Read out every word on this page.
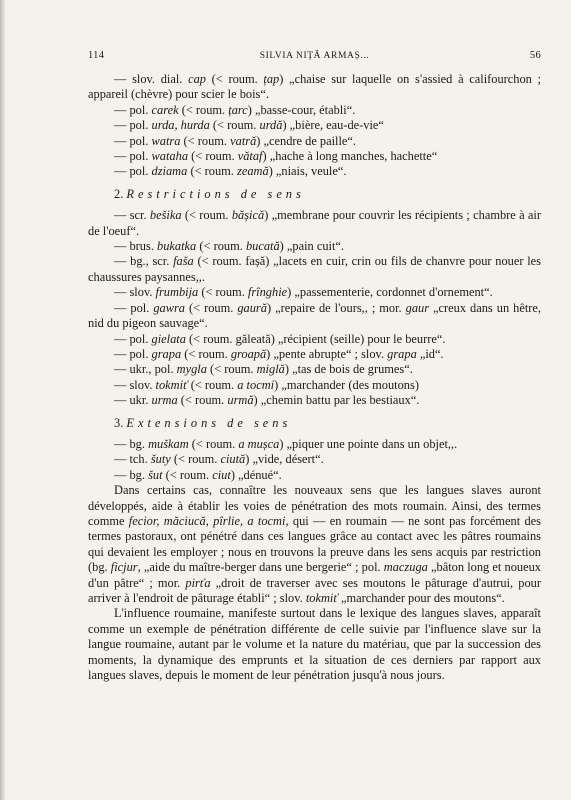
114	SILVIA NIȚĂ ARMAȘ...	56

— slov. dial. cap (< roum. țap) „chaise sur laquelle on s'assied à califourchon ; appareil (chèvre) pour scier le bois“.

— pol. carek (< roum. țarc) „basse-cour, établi“.

— pol. urda, hurda (< roum. urdă) „bière, eau-de-vie“

— pol. watra (< roum. vatră) „cendre de paille“.

— pol. wataha (< roum. vătaf) „hache à long manches, hachette“

— pol. dziama (< roum. zeamă) „niais, veule“.

2. Restrictions de sens

— scr. bešika (< roum. bășică) „membrane pour couvrir les récipients ; chambre à air de l'oeuf“.

— brus. bukatka (< roum. bucată) „pain cuit“.

— bg., scr. faša (< roum. fașă) „lacets en cuir, crin ou fils de chanvre pour nouer les chaussures paysannes,,.

— slov. frumbija (< roum. frînghie) „passementerie, cordonnet d'ornement“.

— pol. gawra (< roum. gaură) „repaire de l'ours,, ; mor. gaur „creux dans un hêtre, nid du pigeon sauvage“.

— pol. gielata (< roum. găleată) „récipient (seille) pour le beurre“.

— pol. grapa (< roum. groapă) „pente abrupte“ ; slov. grapa „id“.

— ukr., pol. mygla (< roum. miglă) „tas de bois de grumes“.

— slov. tokmiť (< roum. a tocmi) „marchander (des moutons)

— ukr. urma (< roum. urmă) „chemin battu par les bestiaux“.

3. Extensions de sens

— bg. muškam (< roum. a mușca) „piquer une pointe dans un objet,,.

— tch. šuty (< roum. ciută) „vide, désert“.

— bg. šut (< roum. ciut) „dénué“.

Dans certains cas, connaître les nouveaux sens que les langues slaves auront développés, aide à établir les voies de pénétration des mots roumain. Ainsi, des termes comme fecior, măciucă, pîrlie, a tocmi, qui — en roumain — ne sont pas forcément des termes pastoraux, ont pénétré dans ces langues grâce au contact avec les pâtres roumains qui devaient les employer ; nous en trouvons la preuve dans les sens acquis par restriction (bg. ficjur, „aide du maître-berger dans une bergerie“ ; pol. maczuga „bâton long et noueux d'un pâtre“ ; mor. pirťa „droit de traverser avec ses moutons le pâturage d'autrui, pour arriver à l'endroit de pâturage établi“ ; slov. tokmiť „marchander pour des moutons“.

L'influence roumaine, manifeste surtout dans le lexique des langues slaves, apparaît comme un exemple de pénétration différente de celle suivie par l'influence slave sur la langue roumaine, autant par le volume et la nature du matériau, que par la succession des moments, la dynamique des emprunts et la situation de ces derniers par rapport aux langues slaves, depuis le moment de leur pénétration jusqu'à nous jours.
